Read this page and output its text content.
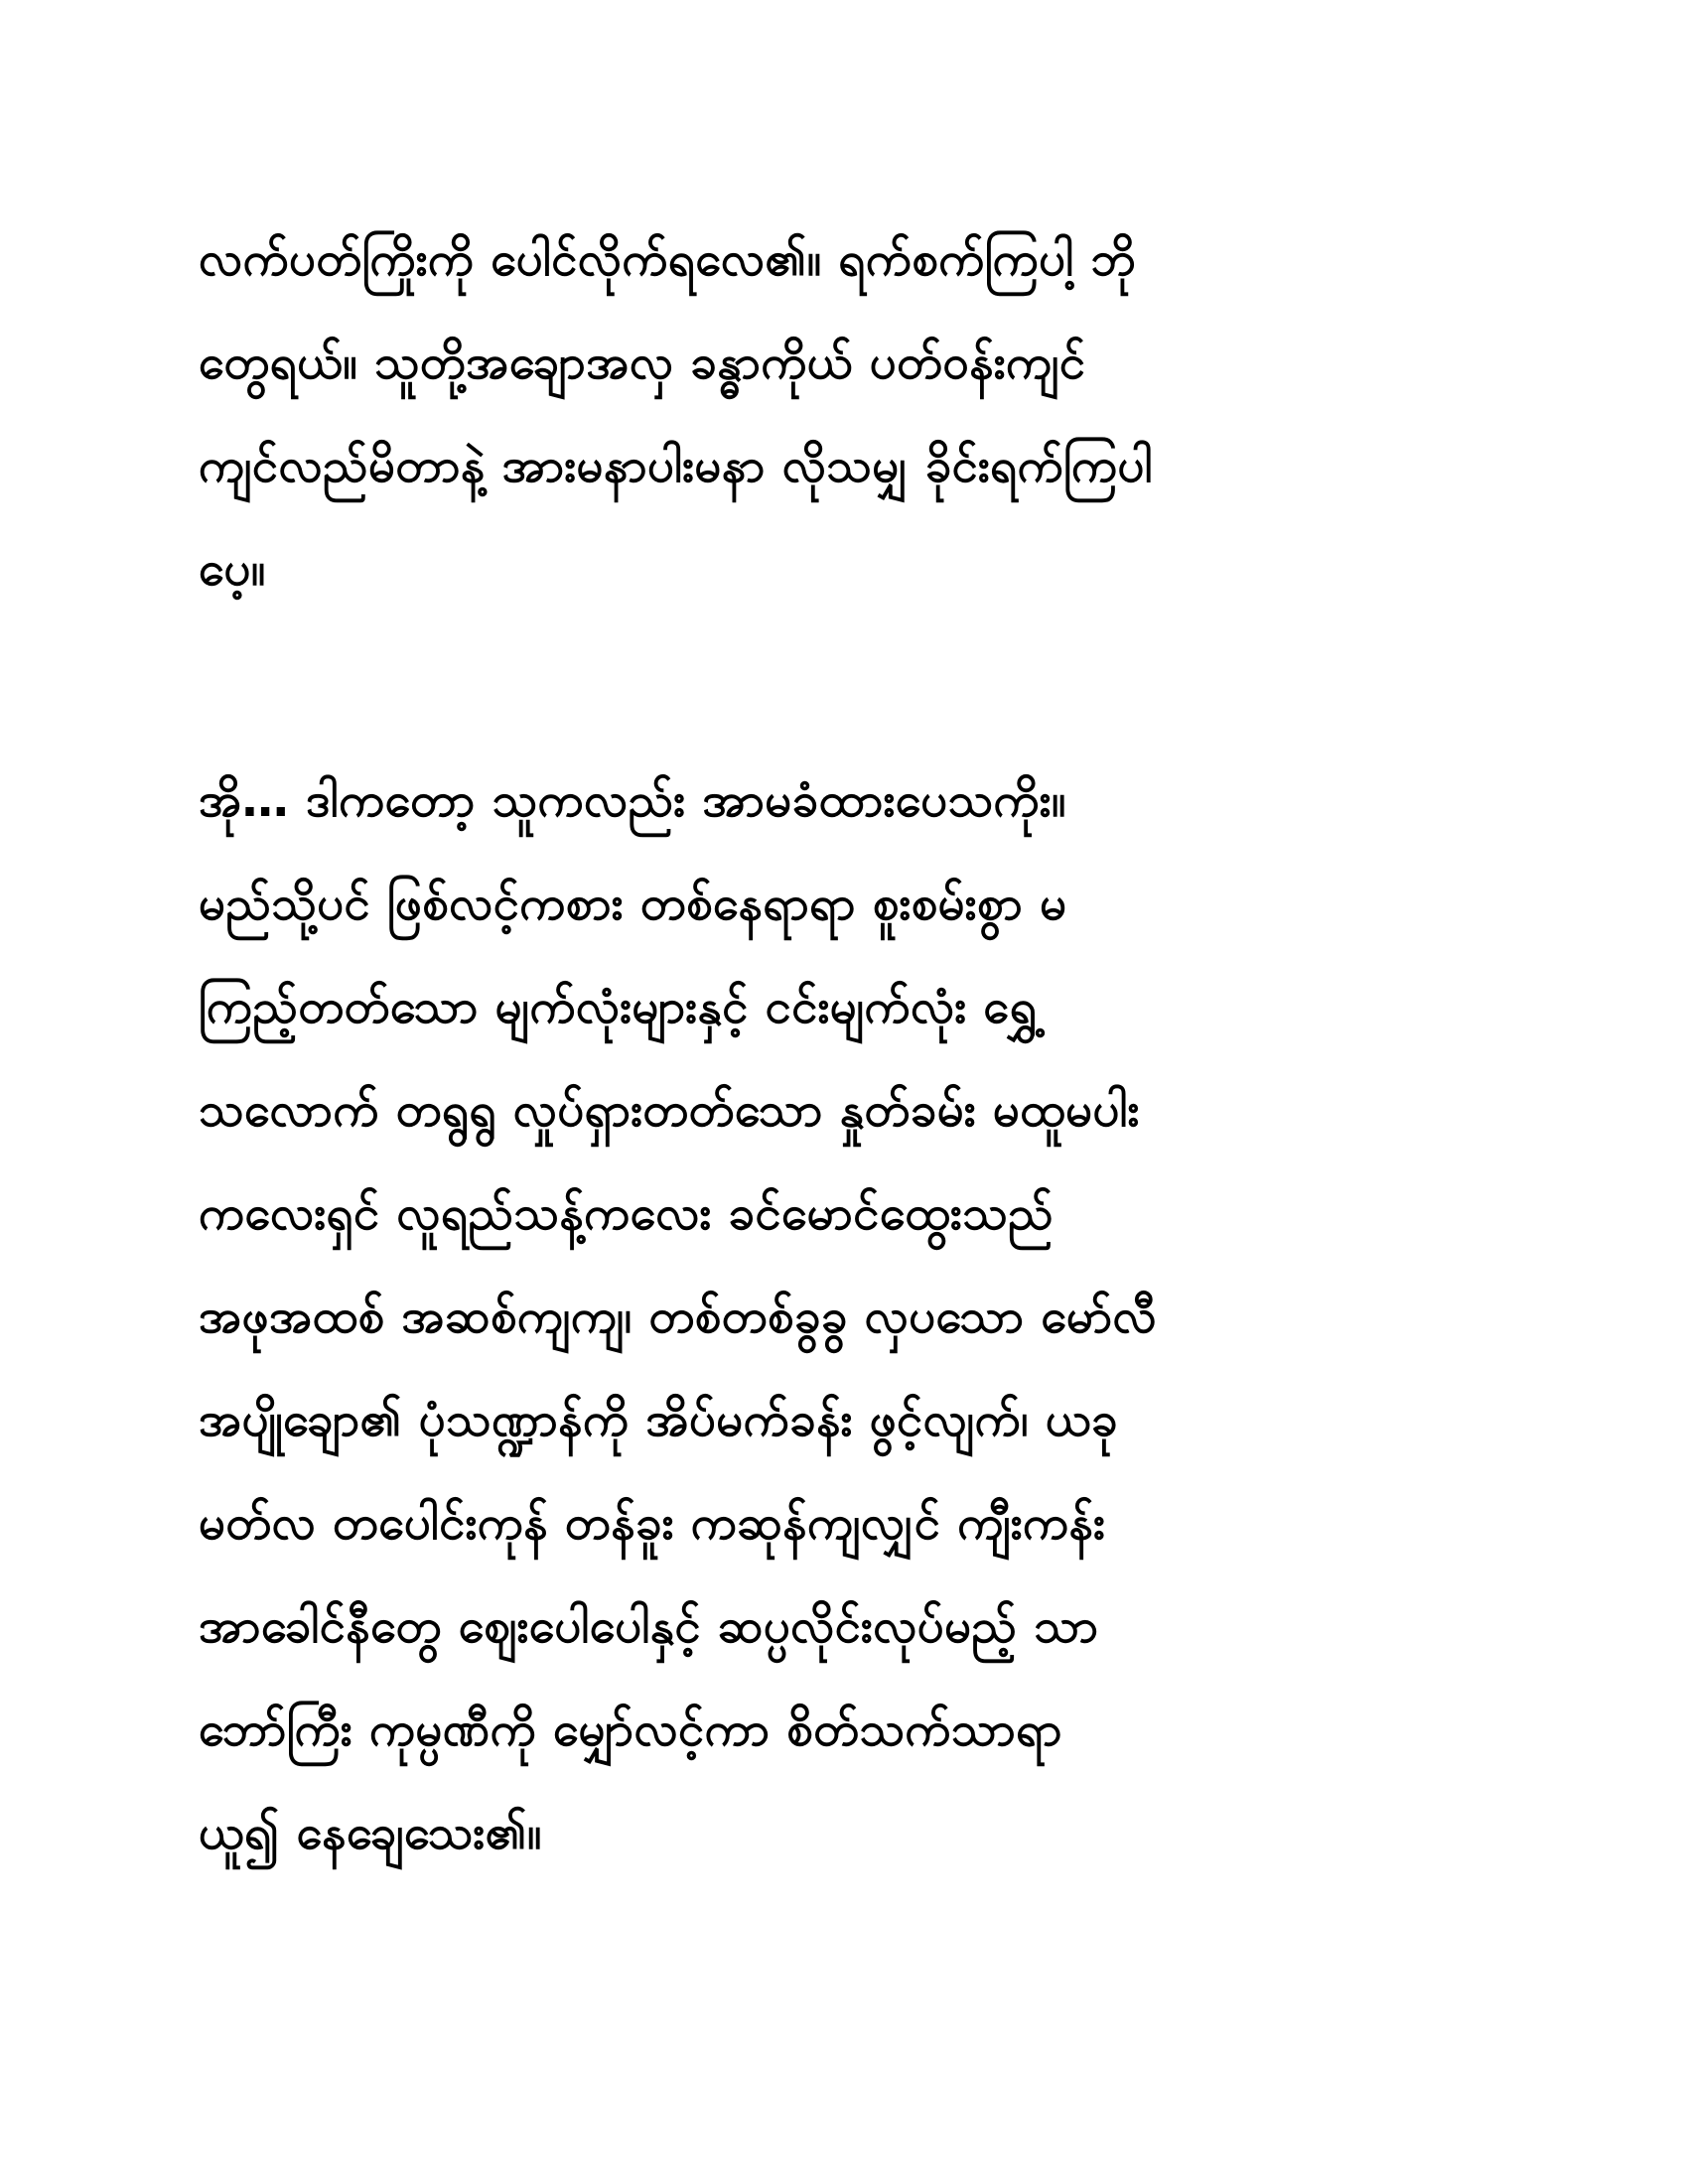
လက်ပတ်ကြိုးကို ပေါင်လိုက်ရလေ၏။ ရက်စက်ကြပါ့ ဘို
တွေရယ်။ သူတို့အချောအလှ ခန္ဓာကိုယ် ပတ်ဝန်းကျင်
ကျင်လည်မိတာနဲ့ အားမနာပါးမနာ လိုသမျှ ခိုင်းရက်ကြပါ
ပေ့။
အို… ဒါကတော့ သူကလည်း အာမခံထားပေသကိုး။
မည်သို့ပင် ဖြစ်လင့်ကစား တစ်နေရာရာ စူးစမ်းစွာ မ
ကြည့်တတ်သော မျက်လုံးများနှင့် ငင်းမျက်လုံး ရွှေ့
သလောက် တရွရွ လှုပ်ရှားတတ်သော နှုတ်ခမ်း မထူမပါး
ကလေးရှင် လူရည်သန့်ကလေး ခင်မောင်ထွေးသည်
အဖုအထစ် အဆစ်ကျကျ၊ တစ်တစ်ခွခွ လှပသော မော်လီ
အပျိုချော၏ ပုံသဏ္ဍာန်ကို အိပ်မက်ခန်း ဖွင့်လျက်၊ ယခု
မတ်လ တပေါင်းကုန် တန်ခူး ကဆုန်ကျလျှင် ကျီးကန်း
အာခေါင်နီတွေ ဈေးပေါပေါနှင့် ဆပ္ပလိုင်းလုပ်မည့် သာ
ဘော်ကြီး ကုမ္ပဏီကို မျှော်လင့်ကာ စိတ်သက်သာရာ
ယူ၍ နေချေသေး၏။
